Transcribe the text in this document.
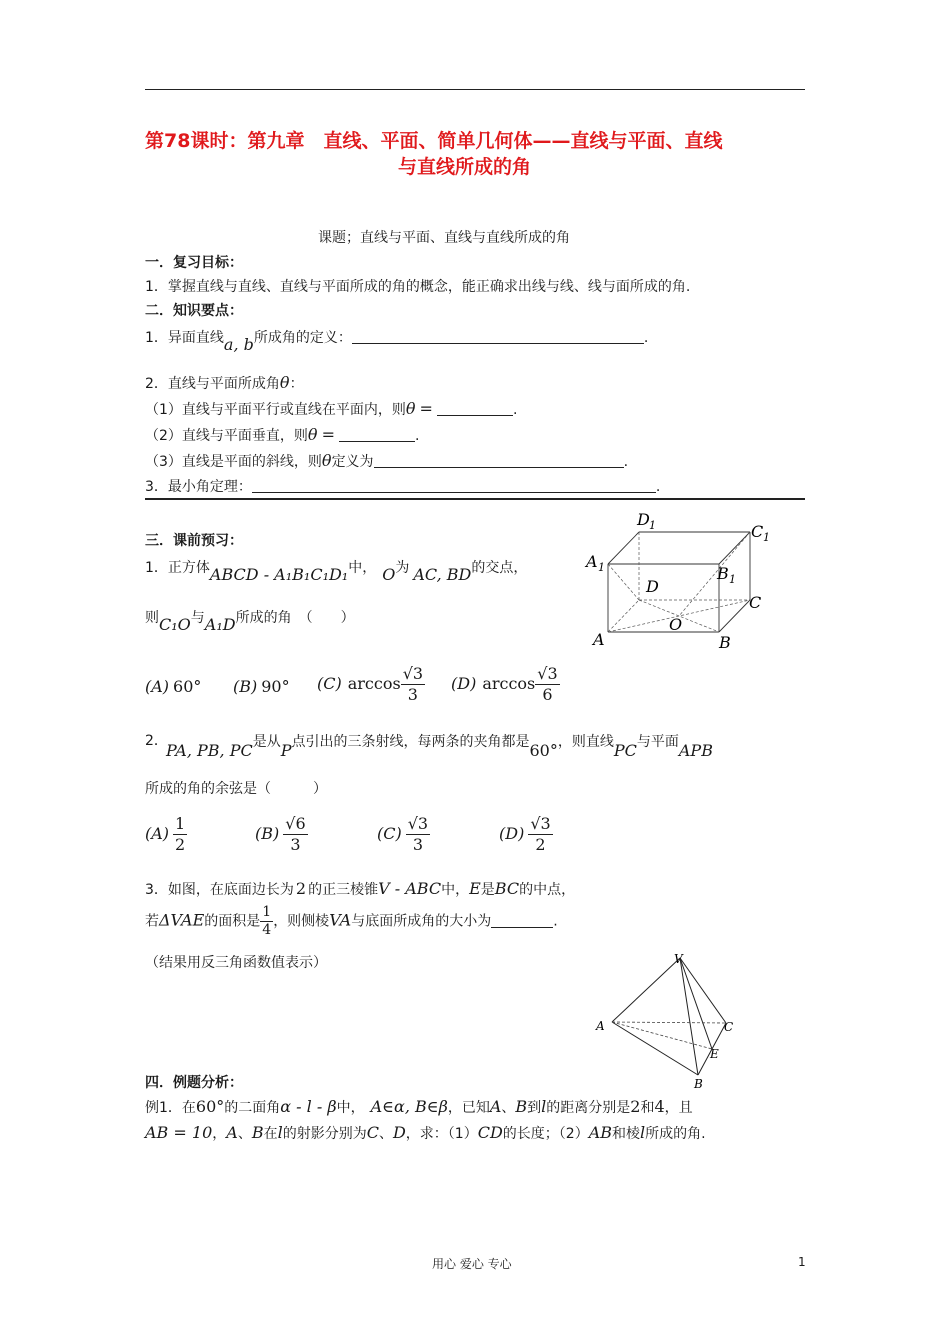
第78课时：第九章　直线、平面、简单几何体——直线与平面、直线
与直线所成的角
课题；直线与平面、直线与直线所成的角
一．复习目标：
1．掌握直线与直线、直线与平面所成的角的概念，能正确求出线与线、线与面所成的角.
二．知识要点：
1．异面直线a, b所成角的定义：	.
2．直线与平面所成角θ：
（1）直线与平面平行或直线在平面内，则θ =	.
（2）直线与平面垂直，则θ =	.
（3）直线是平面的斜线，则θ定义为	.
3．最小角定理：	.
A	B
C
D
O
A 1	B 1
C 1
D 1
三．课前预习：
1．正方体ABCD - A₁B₁C₁D₁中， O为 AC, BD的交点，
则C₁O与A₁D所成的角　（　　）
(A) 60° (B) 90° (C) $\arccos \frac{√3}{3} (D)$ $\arccos \frac{√3}{6}$
2．
PA, PB, PC是从P点引出的三条射线，每两条的夹角都是60°，则直线PC与平面APB
所成的角的余弦是（　　　）
$(A) \frac{1}{2}$	$(B) \frac{√6}{3}$	$(C) \frac{√3}{3}$	$(D) \frac{√3}{2}$
3．如图，在底面边长为 2 的正三棱锥V - ABC中，E是BC的中点，
若ΔVAE的面积是 $\frac{1}{4}$ ，则侧棱VA与底面所成角的大小为	.
（结果用反三角函数值表示）	V
A	C
E
B
四．例题分析：
例1．在60°的二面角α - l - β中， A∈α, B∈β，已知A、B到l的距离分别是2和4，且
AB = 10，A、B在l的射影分别为C、D，求：（1）CD的长度；（2）AB和棱l所成的角.
用心 爱心 专心	1
